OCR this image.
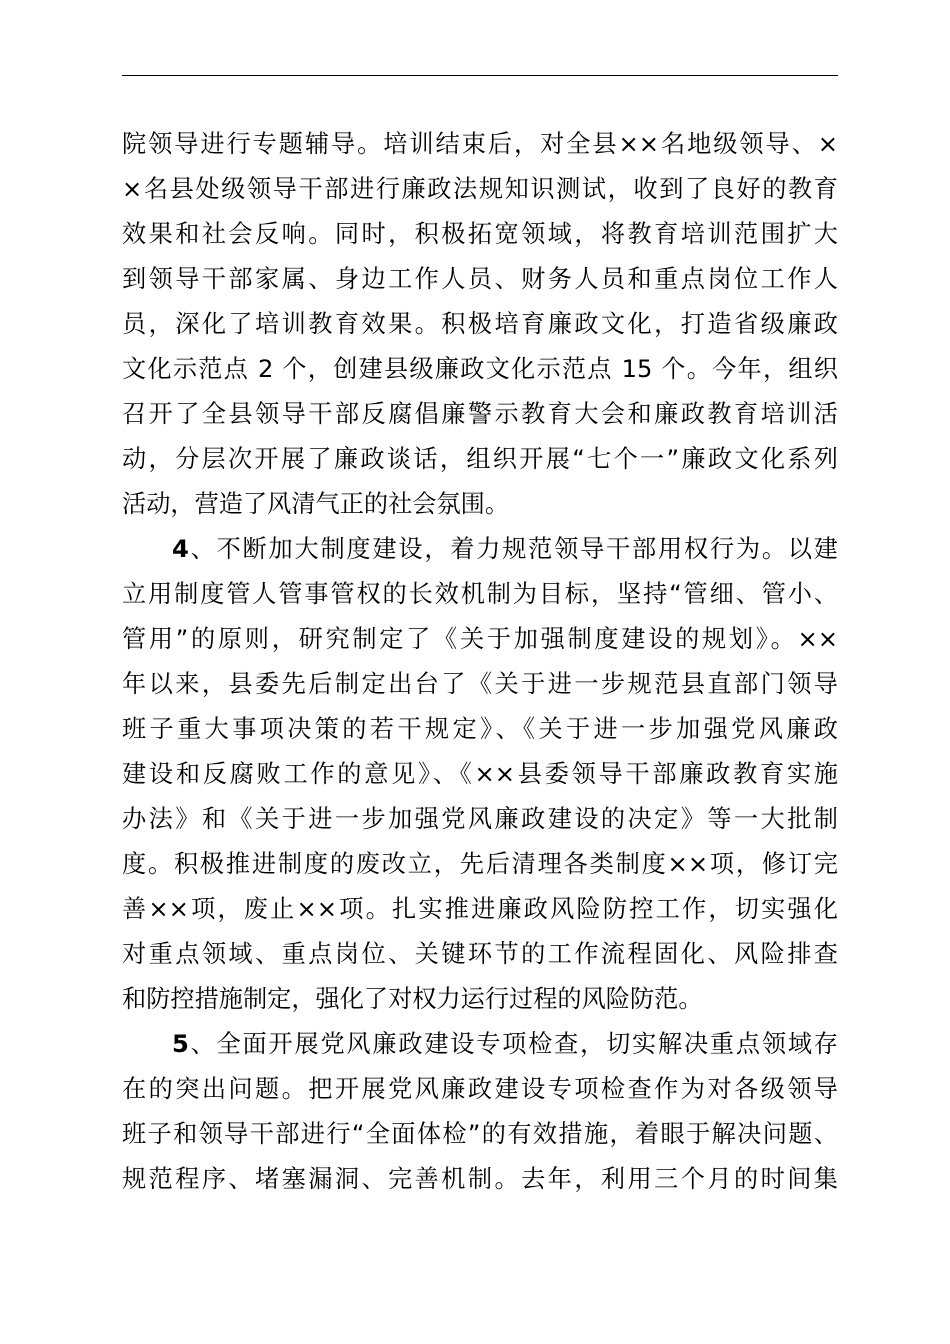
院领导进行专题辅导。培训结束后，对全县××名地级领导、×
×名县处级领导干部进行廉政法规知识测试，收到了良好的教育
效果和社会反响。同时，积极拓宽领域，将教育培训范围扩大
到领导干部家属、身边工作人员、财务人员和重点岗位工作人
员，深化了培训教育效果。积极培育廉政文化，打造省级廉政
文化示范点 2 个，创建县级廉政文化示范点 15 个。今年，组织
召开了全县领导干部反腐倡廉警示教育大会和廉政教育培训活
动，分层次开展了廉政谈话，组织开展“七个一”廉政文化系列
活动，营造了风清气正的社会氛围。
4、不断加大制度建设，着力规范领导干部用权行为。以建
立用制度管人管事管权的长效机制为目标，坚持“管细、管小、
管用”的原则，研究制定了《关于加强制度建设的规划》。××
年以来，县委先后制定出台了《关于进一步规范县直部门领导
班子重大事项决策的若干规定》、《关于进一步加强党风廉政
建设和反腐败工作的意见》、《××县委领导干部廉政教育实施
办法》和《关于进一步加强党风廉政建设的决定》等一大批制
度。积极推进制度的废改立，先后清理各类制度××项，修订完
善××项，废止××项。扎实推进廉政风险防控工作，切实强化
对重点领域、重点岗位、关键环节的工作流程固化、风险排查
和防控措施制定，强化了对权力运行过程的风险防范。
5、全面开展党风廉政建设专项检查，切实解决重点领域存
在的突出问题。把开展党风廉政建设专项检查作为对各级领导
班子和领导干部进行“全面体检”的有效措施，着眼于解决问题、
规范程序、堵塞漏洞、完善机制。去年，利用三个月的时间集
